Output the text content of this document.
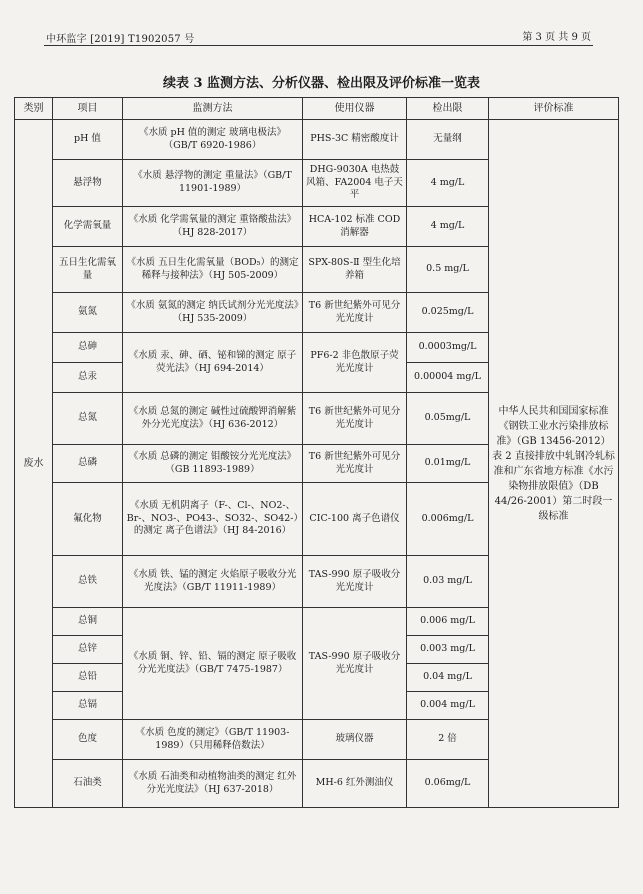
中环监字 [2019] T1902057 号	第 3 页 共 9 页
续表 3 监测方法、分析仪器、检出限及评价标准一览表
类别	项目	监测方法	使用仪器	检出限	评价标准
废水	pH 值	《水质 pH 值的测定 玻璃电极法》（GB/T 6920-1986）	PHS-3C 精密酸度计	无量纲	中华人民共和国国家标准《钢铁工业水污染排放标准》（GB 13456-2012）表 2 直接排放中轧钢冷轧标准和广东省地方标准《水污染物排放限值》（DB 44/26-2001）第二时段一级标准
	悬浮物	《水质 悬浮物的测定 重量法》（GB/T 11901-1989）	DHG-9030A 电热鼓风箱、FA2004 电子天平	4 mg/L	
	化学需氧量	《水质 化学需氧量的测定 重铬酸盐法》（HJ 828-2017）	HCA-102 标准 COD 消解器	4 mg/L	
	五日生化需氧量	《水质 五日生化需氧量（BOD₅）的测定 稀释与接种法》（HJ 505-2009）	SPX-80S-Ⅱ 型生化培养箱	0.5 mg/L	
	氨氮	《水质 氨氮的测定 纳氏试剂分光光度法》（HJ 535-2009）	T6 新世纪紫外可见分光光度计	0.025mg/L	
	总砷	《水质 汞、砷、硒、铋和锑的测定 原子荧光法》（HJ 694-2014）	PF6-2 非色散原子荧光光度计	0.0003mg/L	
	总汞			0.00004 mg/L	
	总氮	《水质 总氮的测定 碱性过硫酸钾消解紫外分光光度法》（HJ 636-2012）	T6 新世纪紫外可见分光光度计	0.05mg/L	
	总磷	《水质 总磷的测定 钼酸铵分光光度法》（GB 11893-1989）	T6 新世纪紫外可见分光光度计	0.01mg/L	
	氟化物	《水质 无机阴离子（F-、Cl-、NO2-、Br-、NO3-、PO43-、SO32-、SO42-）的测定 离子色谱法》（HJ 84-2016）	CIC-100 离子色谱仪	0.006mg/L	
	总铁	《水质 铁、锰的测定 火焰原子吸收分光光度法》（GB/T 11911-1989）	TAS-990 原子吸收分光光度计	0.03 mg/L	
	总铜	《水质 铜、锌、铅、镉的测定 原子吸收分光光度法》（GB/T 7475-1987）	TAS-990 原子吸收分光光度计	0.006 mg/L	
	总锌			0.003 mg/L	
	总铅			0.04 mg/L	
	总镉			0.004 mg/L	
	色度	《水质 色度的测定》（GB/T 11903-1989）（只用稀释倍数法）	玻璃仪器	2 倍	
	石油类	《水质 石油类和动植物油类的测定 红外分光光度法》（HJ 637-2018）	MH-6 红外测油仪	0.06mg/L	
